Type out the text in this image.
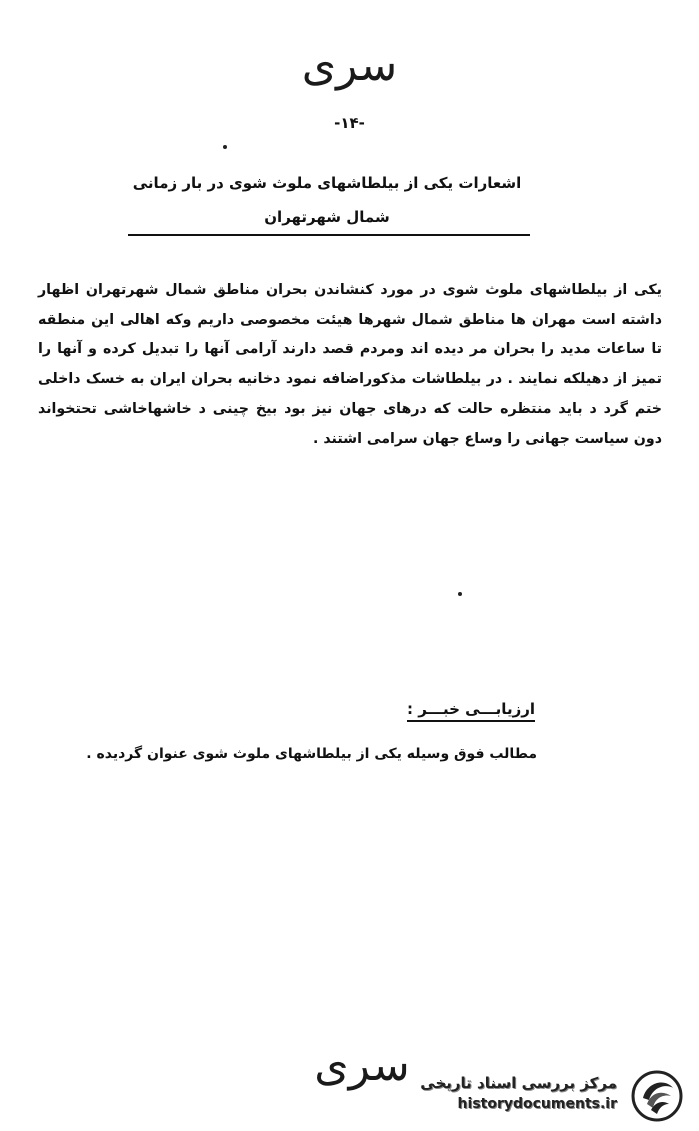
سری
-۱۴-
اشعارات یکی از بیلطاشهای ملوث شوی در بار زمانی شمال شهرتهران
یکی از بیلطاشهای ملوث شوی در مورد کنشاندن بحران مناطق شمال شهرتهران اظهار داشته است مهران ها مناطق شمال شهرها هیئت مخصوصی داریم وکه اهالی این منطقه تا ساعات مدید را بحران مر دیده اند ومردم قصد دارند آرامی آنها را تبدیل کرده و آنها را تمیز از دهیلکه نمایند . در بیلطاشات مذکوراضافه نمود دخانیه بحران ایران به خسک داخلی ختم گرد د باید منتظره حالت که درهای جهان نیز بود بیخ چینی د خاشهاخاشی تحتخواند دون سیاست جهانی را وساع جهان سرامی اشتند .
ارزیابـــی خبـــر :
مطالب فوق وسیله یکی از بیلطاشهای ملوث شوی عنوان گردیده .
سری مرکز بررسی اسناد تاریخی
historydocuments.ir
